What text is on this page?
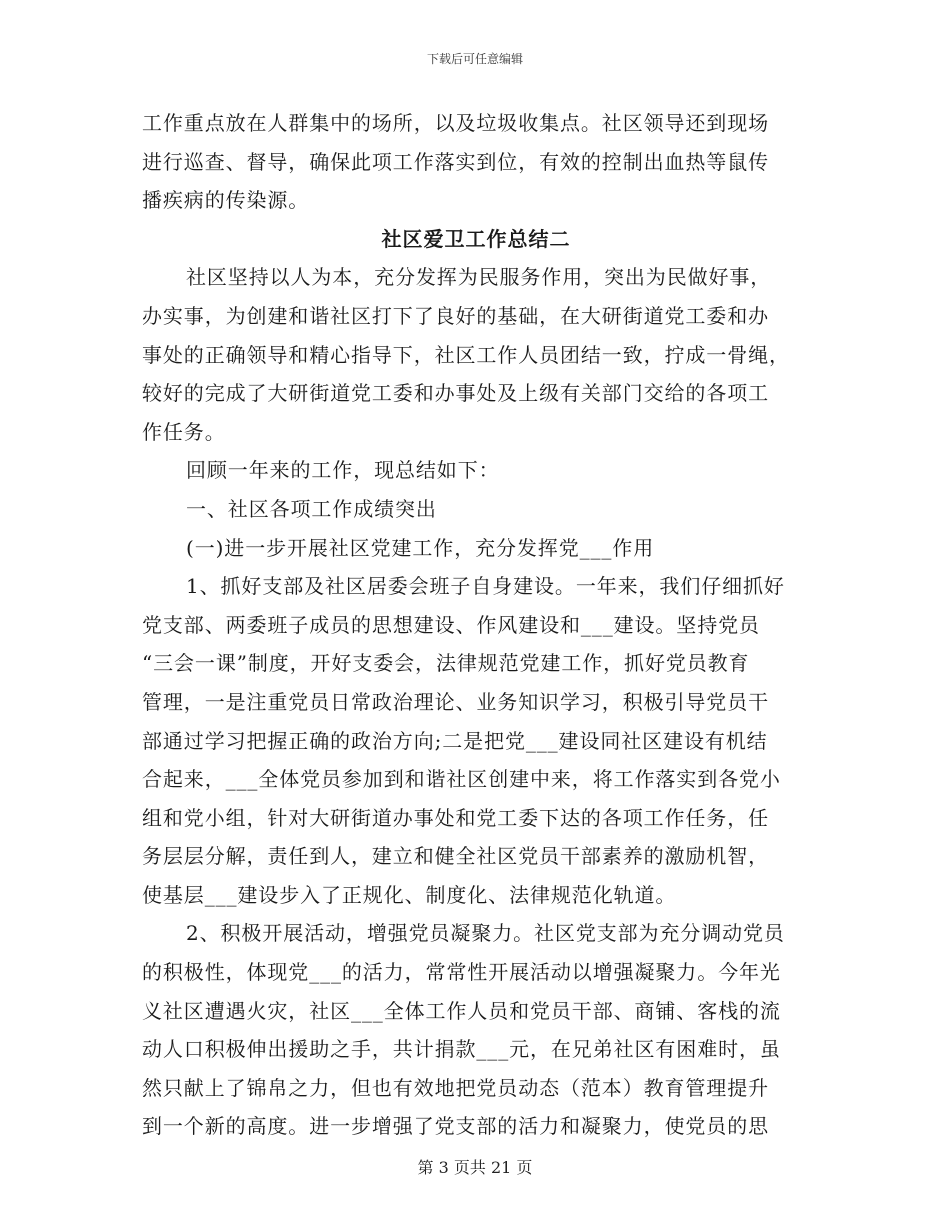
下载后可任意编辑
工作重点放在人群集中的场所，以及垃圾收集点。社区领导还到现场
进行巡查、督导，确保此项工作落实到位，有效的控制出血热等鼠传
播疾病的传染源。
社区爱卫工作总结二
社区坚持以人为本，充分发挥为民服务作用，突出为民做好事，
办实事，为创建和谐社区打下了良好的基础，在大研街道党工委和办
事处的正确领导和精心指导下，社区工作人员团结一致，拧成一骨绳，
较好的完成了大研街道党工委和办事处及上级有关部门交给的各项工
作任务。
回顾一年来的工作，现总结如下：
一、社区各项工作成绩突出
(一)进一步开展社区党建工作，充分发挥党___作用
1、抓好支部及社区居委会班子自身建设。一年来，我们仔细抓好
党支部、两委班子成员的思想建设、作风建设和___建设。坚持党员
“三会一课”制度，开好支委会，法律规范党建工作，抓好党员教育
管理，一是注重党员日常政治理论、业务知识学习，积极引导党员干
部通过学习把握正确的政治方向;二是把党___建设同社区建设有机结
合起来，___全体党员参加到和谐社区创建中来，将工作落实到各党小
组和党小组，针对大研街道办事处和党工委下达的各项工作任务，任
务层层分解，责任到人，建立和健全社区党员干部素养的激励机智，
使基层___建设步入了正规化、制度化、法律规范化轨道。
2、积极开展活动，增强党员凝聚力。社区党支部为充分调动党员
的积极性，体现党___的活力，常常性开展活动以增强凝聚力。今年光
义社区遭遇火灾，社区___全体工作人员和党员干部、商铺、客栈的流
动人口积极伸出援助之手，共计捐款___元，在兄弟社区有困难时，虽
然只献上了锦帛之力，但也有效地把党员动态（范本）教育管理提升
到一个新的高度。进一步增强了党支部的活力和凝聚力，使党员的思
第 3 页共 21 页
